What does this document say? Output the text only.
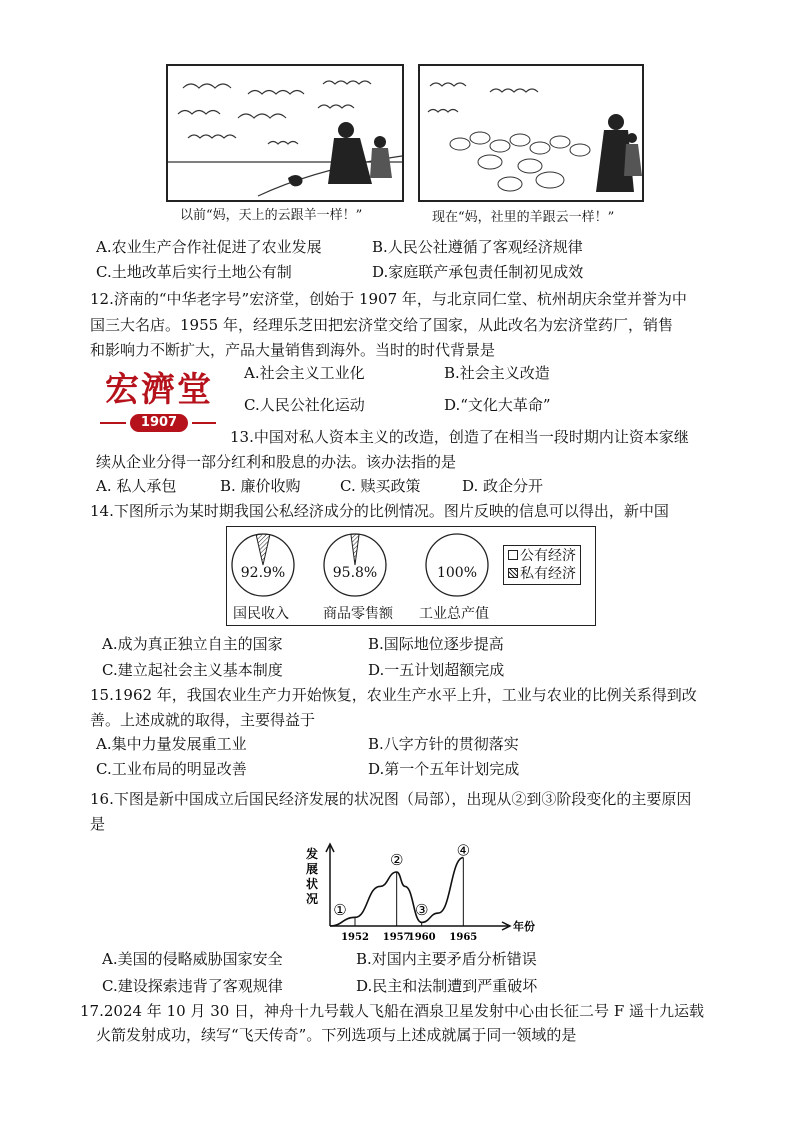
以前“妈，天上的云跟羊一样！”	现在“妈，社里的羊跟云一样！”
A.农业生产合作社促进了农业发展	B.人民公社遵循了客观经济规律
C.土地改革后实行土地公有制	D.家庭联产承包责任制初见成效
12.济南的“中华老字号”宏济堂，创始于 1907 年，与北京同仁堂、杭州胡庆余堂并誉为中
国三大名店。1955 年，经理乐芝田把宏济堂交给了国家，从此改名为宏济堂药厂，销售
和影响力不断扩大，产品大量销售到海外。当时的时代背景是
宏濟堂
1907
A.社会主义工业化	B.社会主义改造
C.人民公社化运动	D.“文化大革命”
13.中国对私人资本主义的改造，创造了在相当一段时期内让资本家继
续从企业分得一部分红利和股息的办法。该办法指的是
A. 私人承包	B. 廉价收购	C. 赎买政策	D. 政企分开
14.下图所示为某时期我国公私经济成分的比例情况。图片反映的信息可以得出，新中国
92.9%	95.8%	100%
国民收入 商品零售额 工业总产值
公有经济
私有经济
A.成为真正独立自主的国家	B.国际地位逐步提高
C.建立起社会主义基本制度	D.一五计划超额完成
15.1962 年，我国农业生产力开始恢复，农业生产水平上升，工业与农业的比例关系得到改
善。上述成就的取得，主要得益于
A.集中力量发展重工业	B.八字方针的贯彻落实
C.工业布局的明显改善	D.第一个五年计划完成
16.下图是新中国成立后国民经济发展的状况图（局部），出现从②到③阶段变化的主要原因
是
发
展
状
况
年份
1952 1957
1960 1965
①
②
③
④
A.美国的侵略威胁国家安全	B.对国内主要矛盾分析错误
C.建设探索违背了客观规律	D.民主和法制遭到严重破坏
17.2024 年 10 月 30 日，神舟十九号载人飞船在酒泉卫星发射中心由长征二号 F 遥十九运载
火箭发射成功，续写“飞天传奇”。下列选项与上述成就属于同一领域的是
